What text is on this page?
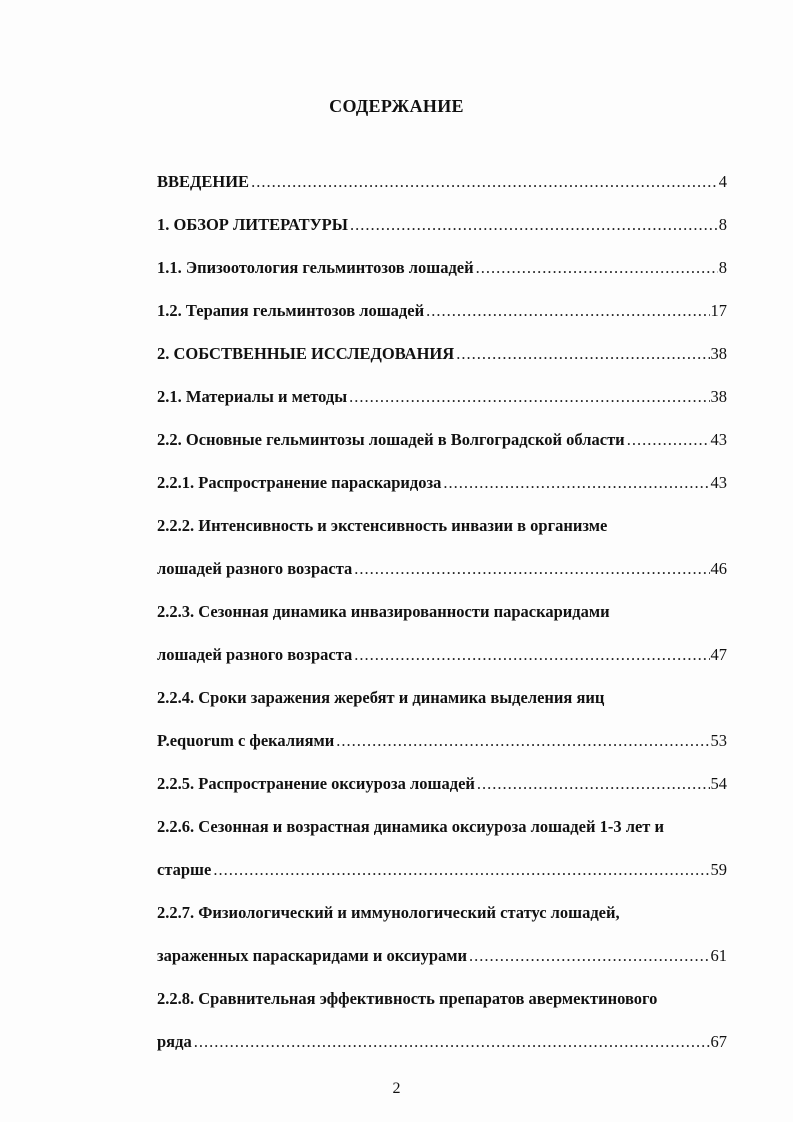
СОДЕРЖАНИЕ
ВВЕДЕНИЕ .....	4
1. ОБЗОР ЛИТЕРАТУРЫ .....	8
1.1. Эпизоотология гельминтозов лошадей .....	8
1.2. Терапия гельминтозов лошадей .....	17
2. СОБСТВЕННЫЕ ИССЛЕДОВАНИЯ .....	38
2.1. Материалы и методы .....	38
2.2. Основные гельминтозы лошадей в Волгоградской области .....	43
2.2.1. Распространение параскаридоза .....	43
2.2.2. Интенсивность и экстенсивность инвазии в организме
лошадей разного возраста .....	46
2.2.3. Сезонная динамика инвазированности параскаридами
лошадей разного возраста .....	47
2.2.4. Сроки заражения жеребят и динамика выделения яиц
P.equorum с фекалиями .....	53
2.2.5. Распространение оксиуроза лошадей .....	54
2.2.6. Сезонная и возрастная динамика оксиуроза лошадей 1-3 лет и
старше .....	59
2.2.7. Физиологический и иммунологический статус лошадей,
зараженных параскаридами и оксиурами .....	61
2.2.8. Сравнительная эффективность препаратов авермектинового
ряда .....	67
2
